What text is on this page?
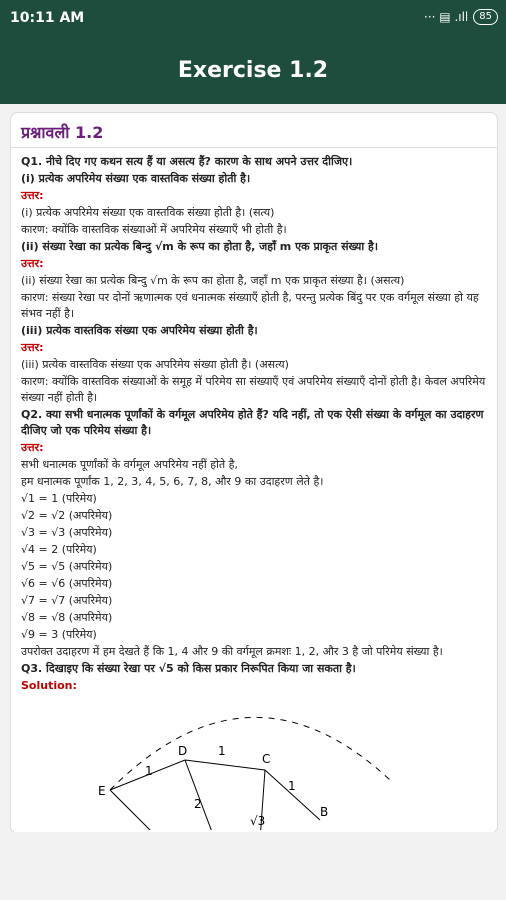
10:11 AM	··· ▤ .ıll	85
Exercise 1.2
प्रश्नावली 1.2

Q1. नीचे दिए गए कथन सत्य हैं या असत्य हैं? कारण के साथ अपने उत्तर दीजिए।

(i) प्रत्येक अपरिमेय संख्या एक वास्तविक संख्या होती है।

उत्तर:

(i) प्रत्येक अपरिमेय संख्या एक वास्तविक संख्या होती है। (सत्य)

कारण: क्योंकि वास्तविक संख्याओं में अपरिमेय संख्याएँ भी होती है।

(ii) संख्या रेखा का प्रत्येक बिन्दु √m के रूप का होता है, जहाँ m एक प्राकृत संख्या है।

उत्तर:

(ii) संख्या रेखा का प्रत्येक बिन्दु √m के रूप का होता है, जहाँ m एक प्राकृत संख्या है। (असत्य)

कारण: संख्या रेखा पर दोनों ऋणात्मक एवं धनात्मक संख्याएँ होती है, परन्तु प्रत्येक बिंदु पर एक वर्गमूल संख्या हो यह संभव नहीं है।

(iii) प्रत्येक वास्तविक संख्या एक अपरिमेय संख्या होती है।

उत्तर:

(iii) प्रत्येक वास्तविक संख्या एक अपरिमेय संख्या होती है। (असत्य)

कारण: क्योंकि वास्तविक संख्याओं के समूह में परिमेय सा संख्याएँ एवं अपरिमेय संख्याएँ दोनों होती है। केवल अपरिमेय संख्या नहीं होती है।

Q2. क्या सभी धनात्मक पूर्णांकों के वर्गमूल अपरिमेय होते हैं? यदि नहीं, तो एक ऐसी संख्या के वर्गमूल का उदाहरण दीजिए जो एक परिमेय संख्या है।

उत्तर:

सभी धनात्मक पूर्णांकों के वर्गमूल अपरिमेय नहीं होते है,

हम धनात्मक पूर्णांक 1, 2, 3, 4, 5, 6, 7, 8, और 9 का उदाहरण लेते है।

√1 = 1 (परिमेय)

√2 = √2 (अपरिमेय)

√3 = √3 (अपरिमेय)

√4 = 2 (परिमेय)

√5 = √5 (अपरिमेय)

√6 = √6 (अपरिमेय)

√7 = √7 (अपरिमेय)

√8 = √8 (अपरिमेय)

√9 = 3 (परिमेय)

उपरोक्त उदाहरण में हम देखते हैं कि 1, 4 और 9 की वर्गमूल क्रमशः 1, 2, और 3 है जो परिमेय संख्या है।

Q3. दिखाइए कि संख्या रेखा पर √5 को किस प्रकार निरूपित किया जा सकता है।

Solution:

E
D
C
B
1
1
1
2
√3
